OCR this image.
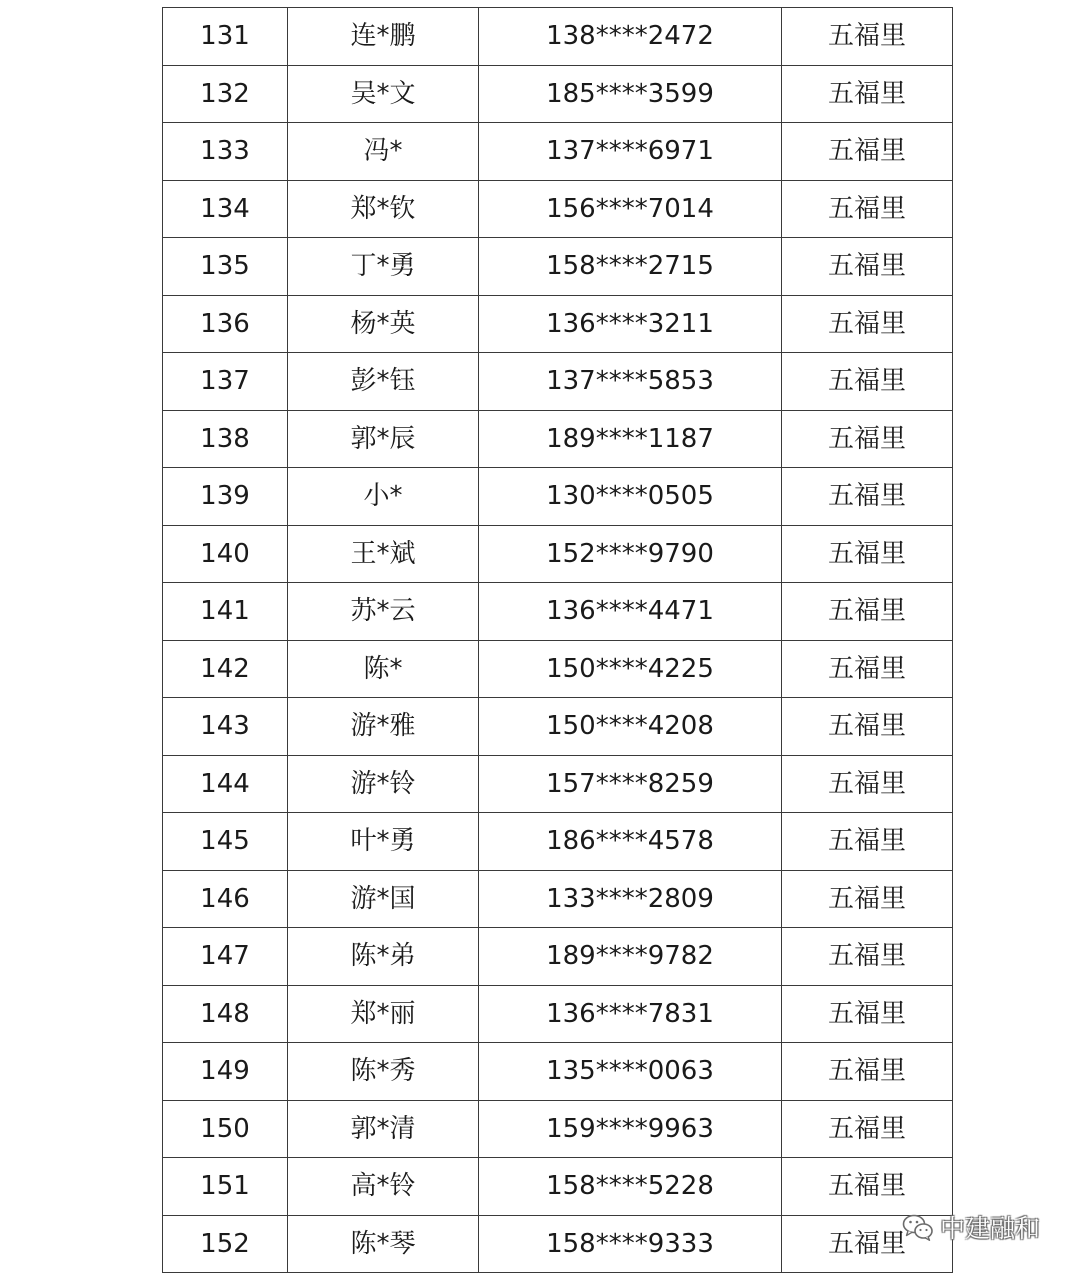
131	连*鹏	138****2472	五福里
132	吴*文	185****3599	五福里
133	冯*	137****6971	五福里
134	郑*钦	156****7014	五福里
135	丁*勇	158****2715	五福里
136	杨*英	136****3211	五福里
137	彭*钰	137****5853	五福里
138	郭*辰	189****1187	五福里
139	小*	130****0505	五福里
140	王*斌	152****9790	五福里
141	苏*云	136****4471	五福里
142	陈*	150****4225	五福里
143	游*雅	150****4208	五福里
144	游*铃	157****8259	五福里
145	叶*勇	186****4578	五福里
146	游*国	133****2809	五福里
147	陈*弟	189****9782	五福里
148	郑*丽	136****7831	五福里
149	陈*秀	135****0063	五福里
150	郭*清	159****9963	五福里
151	高*铃	158****5228	五福里
152	陈*琴	158****9333	五福里
中建融和
